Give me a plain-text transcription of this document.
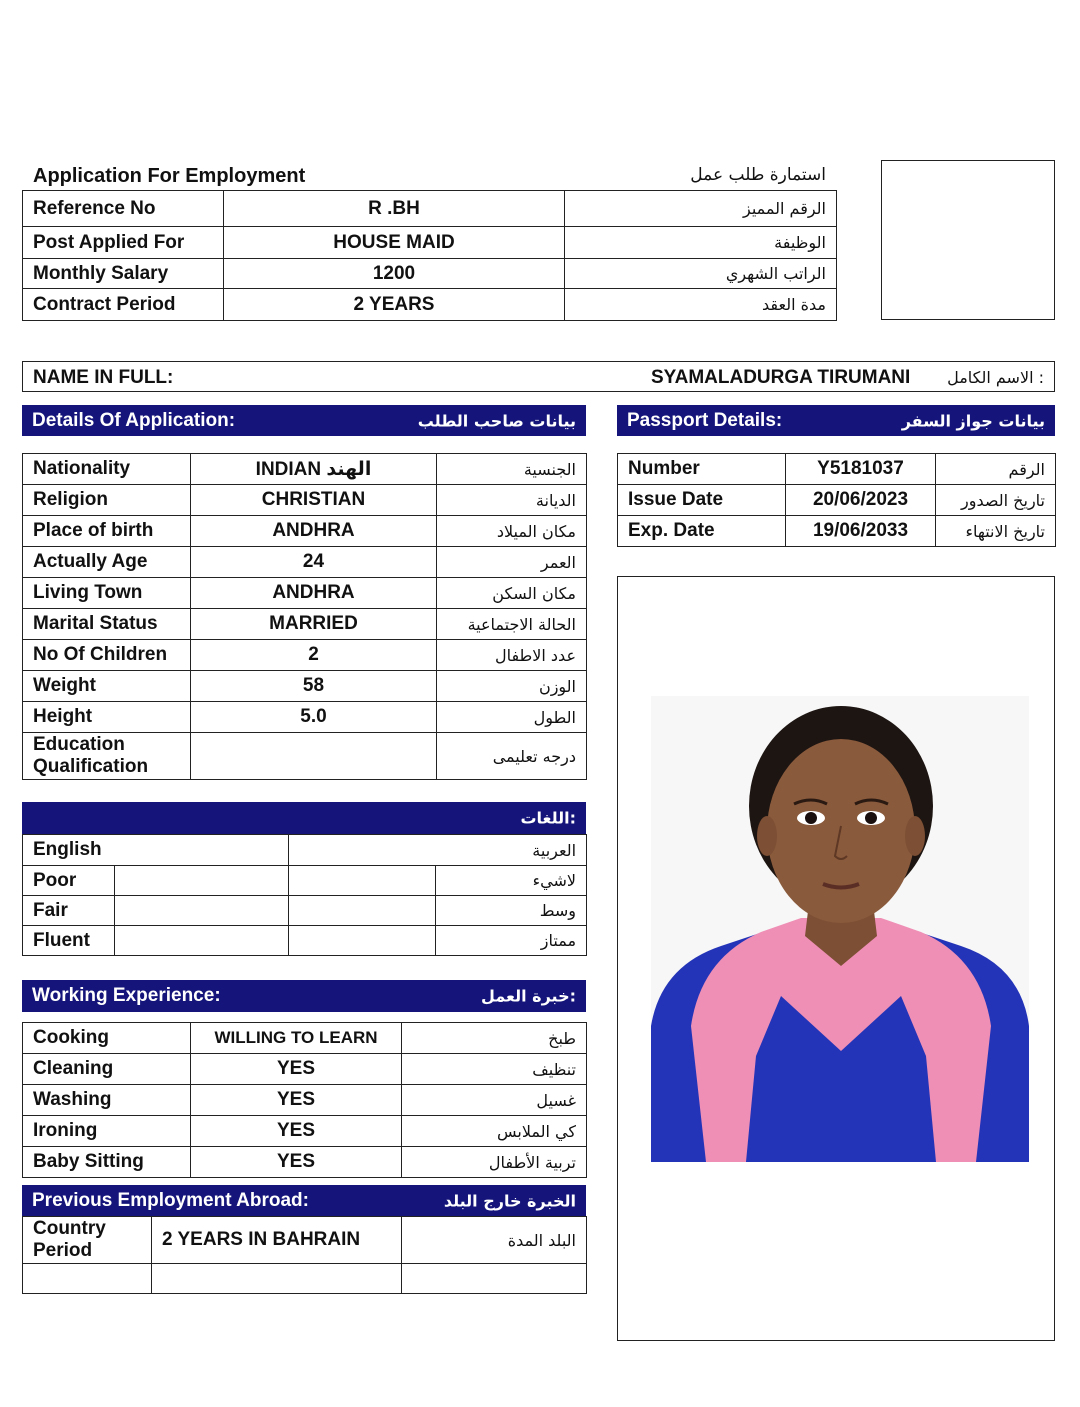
Application For Employment	استمارة طلب عمل
Reference No	R .BH	الرقم المميز
Post Applied For	HOUSE MAID	الوظيفة
Monthly Salary	1200	الراتب الشهري
Contract Period	2 YEARS	مدة العقد
NAME IN FULL:	SYAMALADURGA TIRUMANI الاسم الكامل :
Details Of Application:	بيانات صاحب الطلب	Passport Details:	بيانات جواز السفر
Nationality	INDIAN الهند	الجنسية
Religion	CHRISTIAN	الديانة
Place of birth	ANDHRA	مكان الميلاد
Actually Age	24	العمر
Living Town	ANDHRA	مكان السكن
Marital Status	MARRIED	الحالة الاجتماعية
No Of Children	2	عدد الاطفال
Weight	58	الوزن
Height	5.0	الطول
Education Qualification		درجه تعليمى
Number	Y5181037	الرقم
Issue Date	20/06/2023	تاريخ الصدور
Exp. Date	19/06/2033	تاريخ الانتهاء
اللغات:
English		العربية	
Poor			لاشيء
Fair			وسط
Fluent			ممتاز
Working Experience:	خبرة العمل:
Cooking	WILLING TO LEARN	طبخ
Cleaning	YES	تنظيف
Washing	YES	غسيل
Ironing	YES	كي الملابس
Baby Sitting	YES	تربية الأطفال
Previous Employment Abroad:	الخبرة خارج البلد
Country Period	2 YEARS IN BAHRAIN	البلد المدة
